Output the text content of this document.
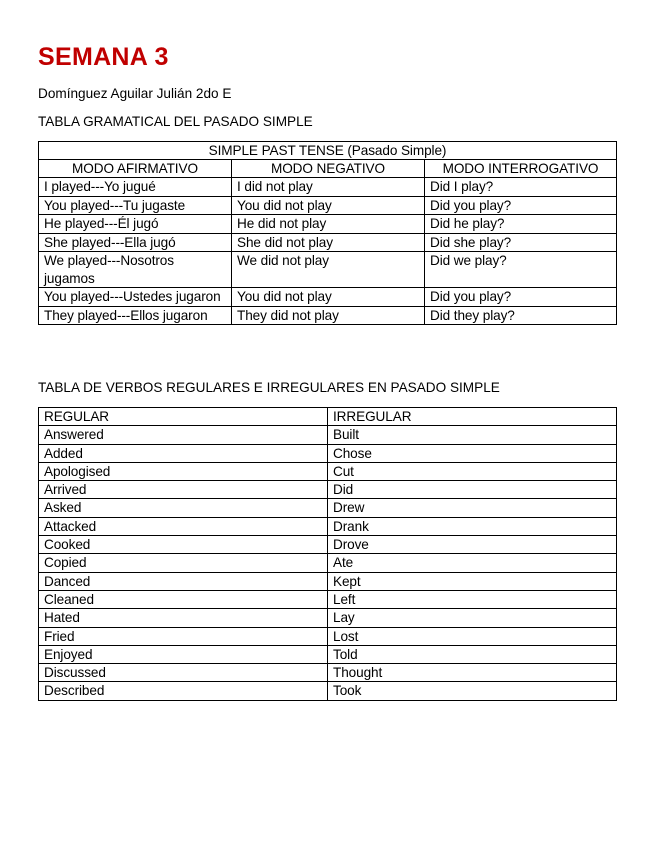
SEMANA 3
Domínguez Aguilar Julián 2do E
TABLA GRAMATICAL DEL PASADO SIMPLE
SIMPLE PAST TENSE (Pasado Simple)		
MODO AFIRMATIVO	MODO NEGATIVO	MODO INTERROGATIVO
I played---Yo jugué	I did not play	Did I play?
You played---Tu jugaste	You did not play	Did you play?
He played---Él jugó	He did not play	Did he play?
She played---Ella jugó	She did not play	Did she play?
We played---Nosotros jugamos	We did not play	Did we play?
You played---Ustedes jugaron	You did not play	Did you play?
They played---Ellos jugaron	They did not play	Did they play?
TABLA DE VERBOS REGULARES E IRREGULARES EN PASADO SIMPLE
REGULAR	IRREGULAR
Answered	Built
Added	Chose
Apologised	Cut
Arrived	Did
Asked	Drew
Attacked	Drank
Cooked	Drove
Copied	Ate
Danced	Kept
Cleaned	Left
Hated	Lay
Fried	Lost
Enjoyed	Told
Discussed	Thought
Described	Took
